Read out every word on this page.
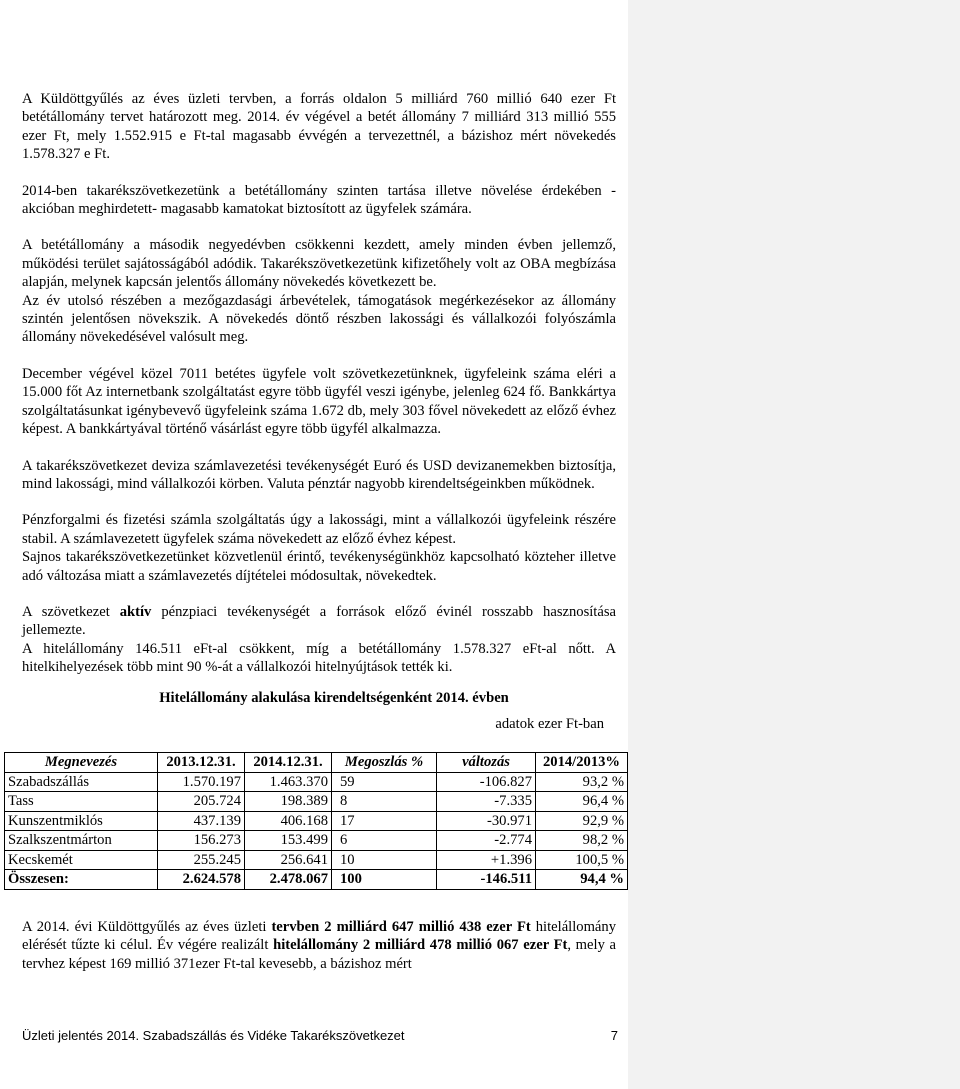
A Küldöttgyűlés az éves üzleti tervben, a forrás oldalon 5 milliárd 760 millió 640 ezer Ft betétállomány tervet határozott meg. 2014. év végével a betét állomány 7 milliárd 313 millió 555 ezer Ft, mely 1.552.915 e Ft-tal magasabb évvégén a tervezettnél, a bázishoz mért növekedés 1.578.327 e Ft.

2014-ben takarékszövetkezetünk a betétállomány szinten tartása illetve növelése érdekében - akcióban meghirdetett- magasabb kamatokat biztosított az ügyfelek számára.

A betétállomány a második negyedévben csökkenni kezdett, amely minden évben jellemző, működési terület sajátosságából adódik. Takarékszövetkezetünk kifizetőhely volt az OBA megbízása alapján, melynek kapcsán jelentős állomány növekedés következett be.

Az év utolsó részében a mezőgazdasági árbevételek, támogatások megérkezésekor az állomány szintén jelentősen növekszik. A növekedés döntő részben lakossági és vállalkozói folyószámla állomány növekedésével valósult meg.

December végével közel 7011 betétes ügyfele volt szövetkezetünknek, ügyfeleink száma eléri a 15.000 főt Az internetbank szolgáltatást egyre több ügyfél veszi igénybe, jelenleg 624 fő. Bankkártya szolgáltatásunkat igénybevevő ügyfeleink száma 1.672 db, mely 303 fővel növekedett az előző évhez képest. A bankkártyával történő vásárlást egyre több ügyfél alkalmazza.

A takarékszövetkezet deviza számlavezetési tevékenységét Euró és USD devizanemekben biztosítja, mind lakossági, mind vállalkozói körben. Valuta pénztár nagyobb kirendeltségeinkben működnek.

Pénzforgalmi és fizetési számla szolgáltatás úgy a lakossági, mint a vállalkozói ügyfeleink részére stabil. A számlavezetett ügyfelek száma növekedett az előző évhez képest.

Sajnos takarékszövetkezetünket közvetlenül érintő, tevékenységünkhöz kapcsolható közteher illetve adó változása miatt a számlavezetés díjtételei módosultak, növekedtek.

A szövetkezet aktív pénzpiaci tevékenységét a források előző évinél rosszabb hasznosítása jellemezte.

A hitelállomány 146.511 eFt-al csökkent, míg a betétállomány 1.578.327 eFt-al nőtt. A hitelkihelyezések több mint 90 %-át a vállalkozói hitelnyújtások tették ki.

Hitelállomány alakulása kirendeltségenként 2014. évben
adatok ezer Ft-ban
Megnevezés	2013.12.31.	2014.12.31.	Megoszlás %	változás	2014/2013%
Szabadszállás	1.570.197	1.463.370	59	-106.827	93,2 %
Tass	205.724	198.389	8	-7.335	96,4 %
Kunszentmiklós	437.139	406.168	17	-30.971	92,9 %
Szalkszentmárton	156.273	153.499	6	-2.774	98,2 %
Kecskemét	255.245	256.641	10	+1.396	100,5 %
Összesen:	2.624.578	2.478.067	100	-146.511	94,4 %
A 2014. évi Küldöttgyűlés az éves üzleti tervben 2 milliárd 647 millió 438 ezer Ft hitelállomány elérését tűzte ki célul. Év végére realizált hitelállomány 2 milliárd 478 millió 067 ezer Ft, mely a tervhez képest 169 millió 371ezer Ft-tal kevesebb, a bázishoz mért
Üzleti jelentés 2014. Szabadszállás és Vidéke Takarékszövetkezet	7
